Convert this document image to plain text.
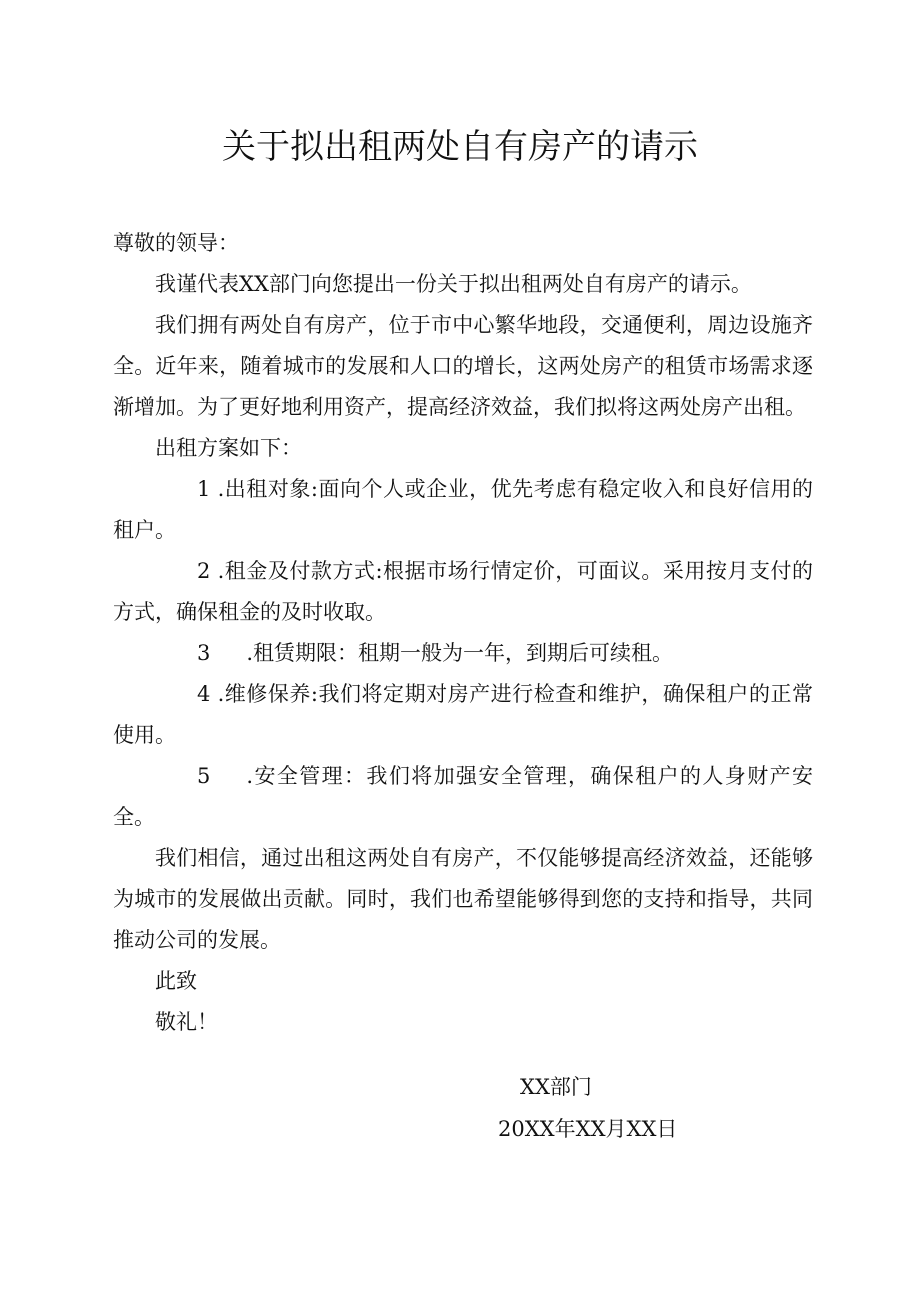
关于拟出租两处自有房产的请示

尊敬的领导：

我谨代表XX部门向您提出一份关于拟出租两处自有房产的请示。

我们拥有两处自有房产，位于市中心繁华地段，交通便利，周边设施齐全。近年来，随着城市的发展和人口的增长，这两处房产的租赁市场需求逐渐增加。为了更好地利用资产，提高经济效益，我们拟将这两处房产出租。

出租方案如下：

1 .出租对象:面向个人或企业，优先考虑有稳定收入和良好信用的租户。

2 .租金及付款方式:根据市场行情定价，可面议。采用按月支付的方式，确保租金的及时收取。

3 .租赁期限：租期一般为一年，到期后可续租。

4 .维修保养:我们将定期对房产进行检查和维护，确保租户的正常使用。

5 .安全管理：我们将加强安全管理，确保租户的人身财产安全。

我们相信，通过出租这两处自有房产，不仅能够提高经济效益，还能够为城市的发展做出贡献。同时，我们也希望能够得到您的支持和指导，共同推动公司的发展。

此致

敬礼！

XX部门
20XX年XX月XX日
